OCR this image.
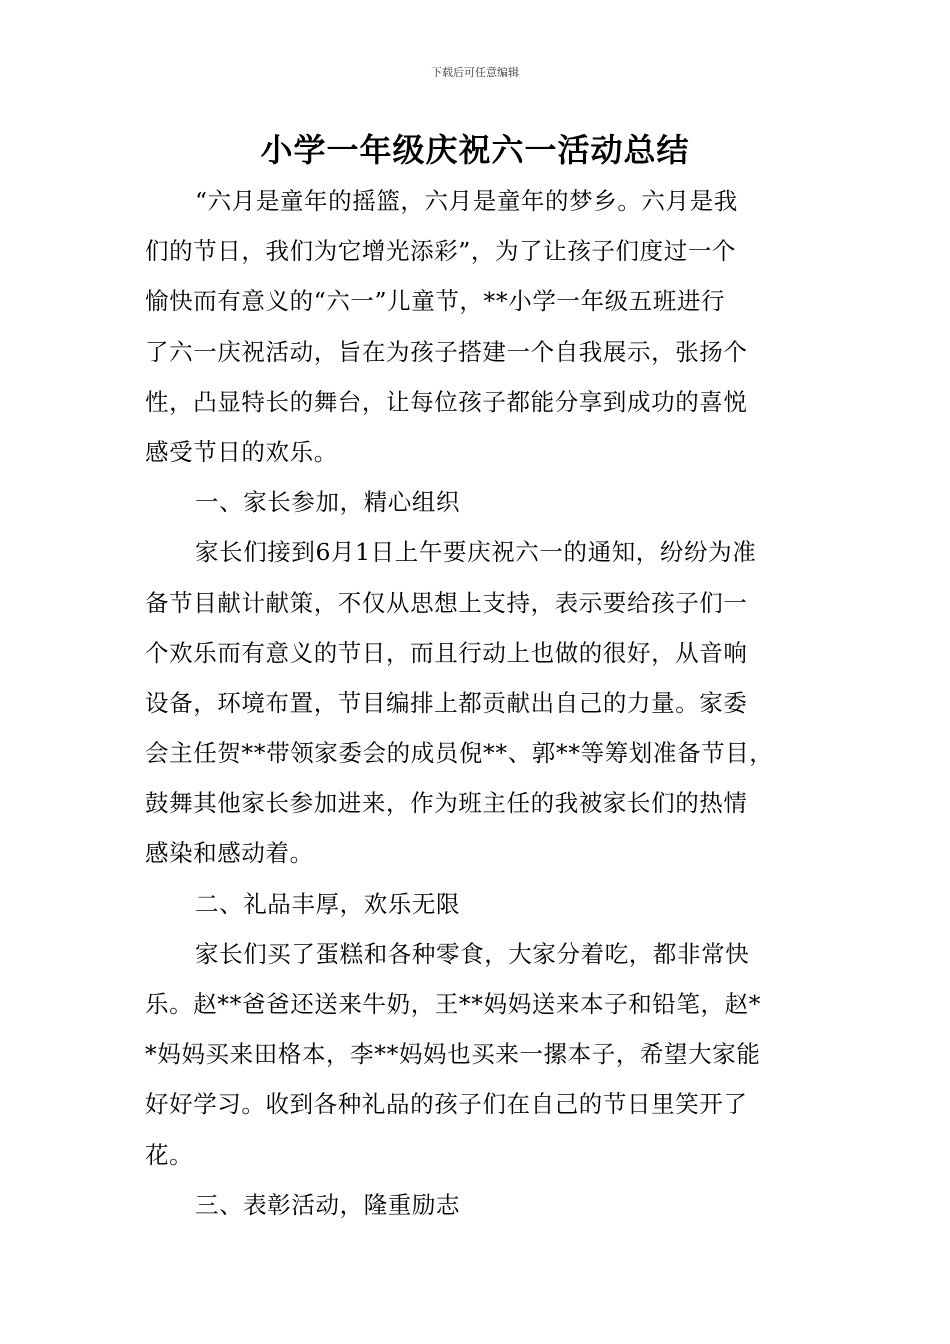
下载后可任意编辑
小学一年级庆祝六一活动总结
“六月是童年的摇篮，六月是童年的梦乡。六月是我
们的节日，我们为它增光添彩”，为了让孩子们度过一个
愉快而有意义的“六一”儿童节，**小学一年级五班进行
了六一庆祝活动，旨在为孩子搭建一个自我展示，张扬个
性，凸显特长的舞台，让每位孩子都能分享到成功的喜悦
感受节日的欢乐。
一、家长参加，精心组织
家长们接到6月1日上午要庆祝六一的通知，纷纷为准
备节目献计献策，不仅从思想上支持，表示要给孩子们一
个欢乐而有意义的节日，而且行动上也做的很好，从音响
设备，环境布置，节目编排上都贡献出自己的力量。家委
会主任贺**带领家委会的成员倪**、郭**等筹划准备节目，
鼓舞其他家长参加进来，作为班主任的我被家长们的热情
感染和感动着。
二、礼品丰厚，欢乐无限
家长们买了蛋糕和各种零食，大家分着吃，都非常快
乐。赵**爸爸还送来牛奶，王**妈妈送来本子和铅笔，赵*
*妈妈买来田格本，李**妈妈也买来一摞本子，希望大家能
好好学习。收到各种礼品的孩子们在自己的节日里笑开了
花。
三、表彰活动，隆重励志
